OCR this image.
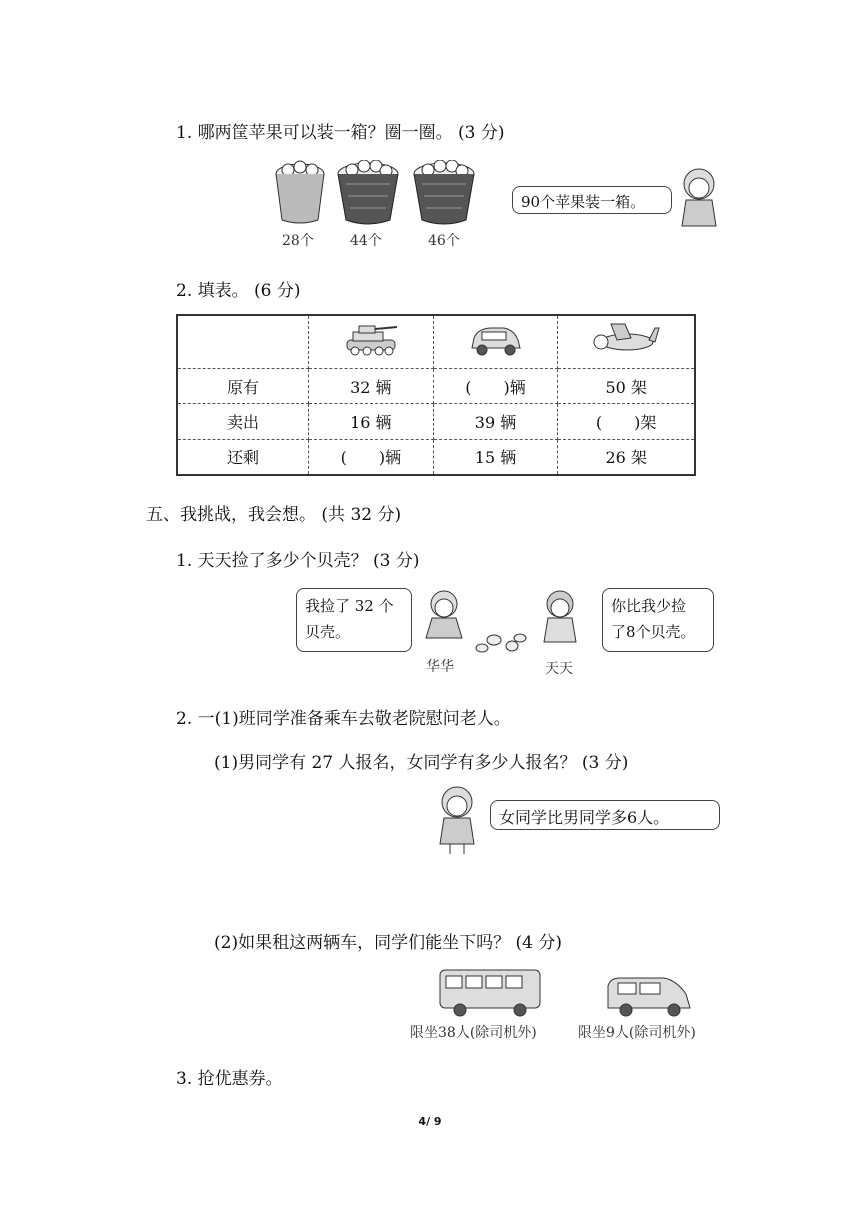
1. 哪两筐苹果可以装一箱？圈一圈。 (3 分)
28个	44个	46个
90个苹果装一箱。
2. 填表。 (6 分)

原有	32 辆	(　　)辆	50 架
卖出	16 辆	39 辆	(　　)架
还剩	(　　)辆	15 辆	26 架
五、我挑战，我会想。 (共 32 分)
1. 天天捡了多少个贝壳？ (3 分)
我捡了 32 个
贝壳。
华华	天天
你比我少捡
了8个贝壳。
2. 一(1)班同学准备乘车去敬老院慰问老人。
(1)男同学有 27 人报名，女同学有多少人报名？ (3 分)
女同学比男同学多6人。
(2)如果租这两辆车，同学们能坐下吗？ (4 分)
限坐38人(除司机外)	限坐9人(除司机外)
3. 抢优惠券。
4/ 9
